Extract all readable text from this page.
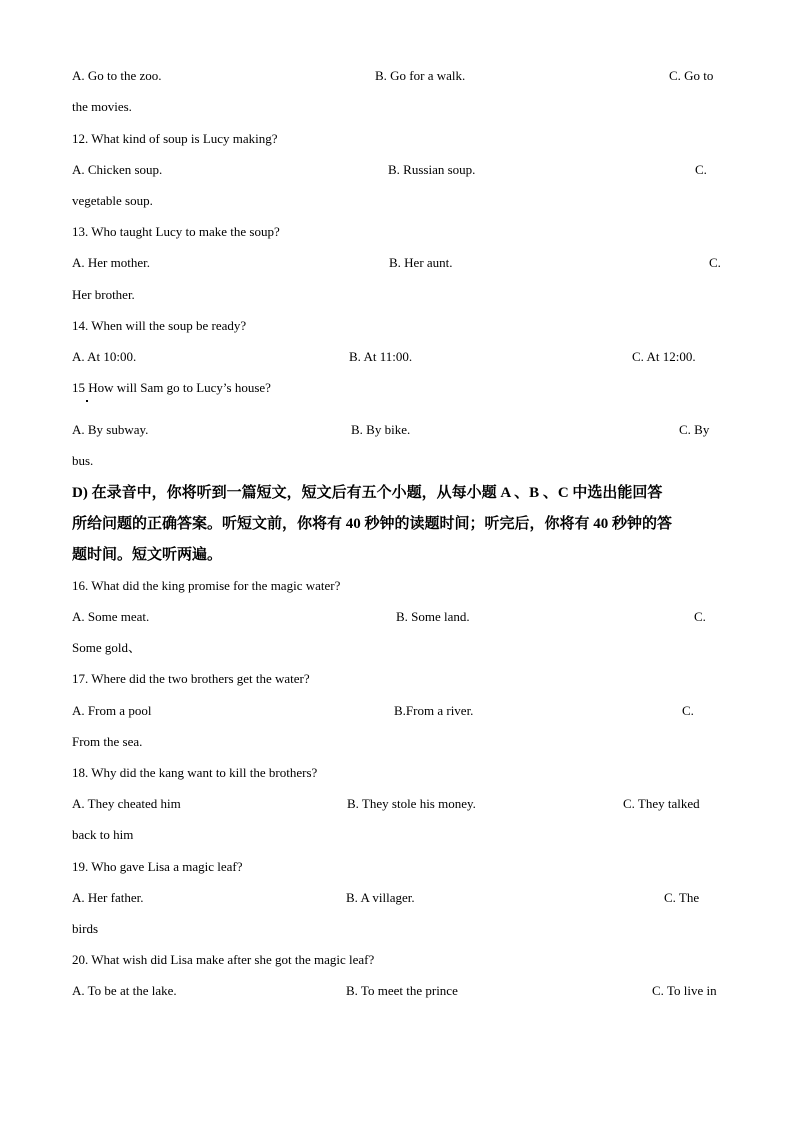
A. Go to the zoo.	B. Go for a walk.	C. Go to
the movies.
12. What kind of soup is Lucy making?
A. Chicken soup.	B. Russian soup.	C.
vegetable soup.
13. Who taught Lucy to make the soup?
A. Her mother.	B. Her aunt.	C.
Her brother.
14. When will the soup be ready?
A. At 10:00.	B. At 11:00.	C. At 12:00.
15 How will Sam go to Lucy’s house?
A. By subway.	B. By bike.	C. By
bus.
D) 在录音中，你将听到一篇短文，短文后有五个小题，从每小题 A 、B 、C 中选出能回答
所给问题的正确答案。听短文前，你将有 40 秒钟的读题时间；听完后，你将有 40 秒钟的答
题时间。短文听两遍。
16. What did the king promise for the magic water?
A. Some meat.	B. Some land.	C.
Some gold、
17. Where did the two brothers get the water?
A. From a pool	B.From a river.	C.
From the sea.
18. Why did the kang want to kill the brothers?
A. They cheated him	B. They stole his money.	C. They talked
back to him
19. Who gave Lisa a magic leaf?
A. Her father.	B. A villager.	C. The
birds
20. What wish did Lisa make after she got the magic leaf?
A. To be at the lake.	B. To meet the prince	C. To live in
